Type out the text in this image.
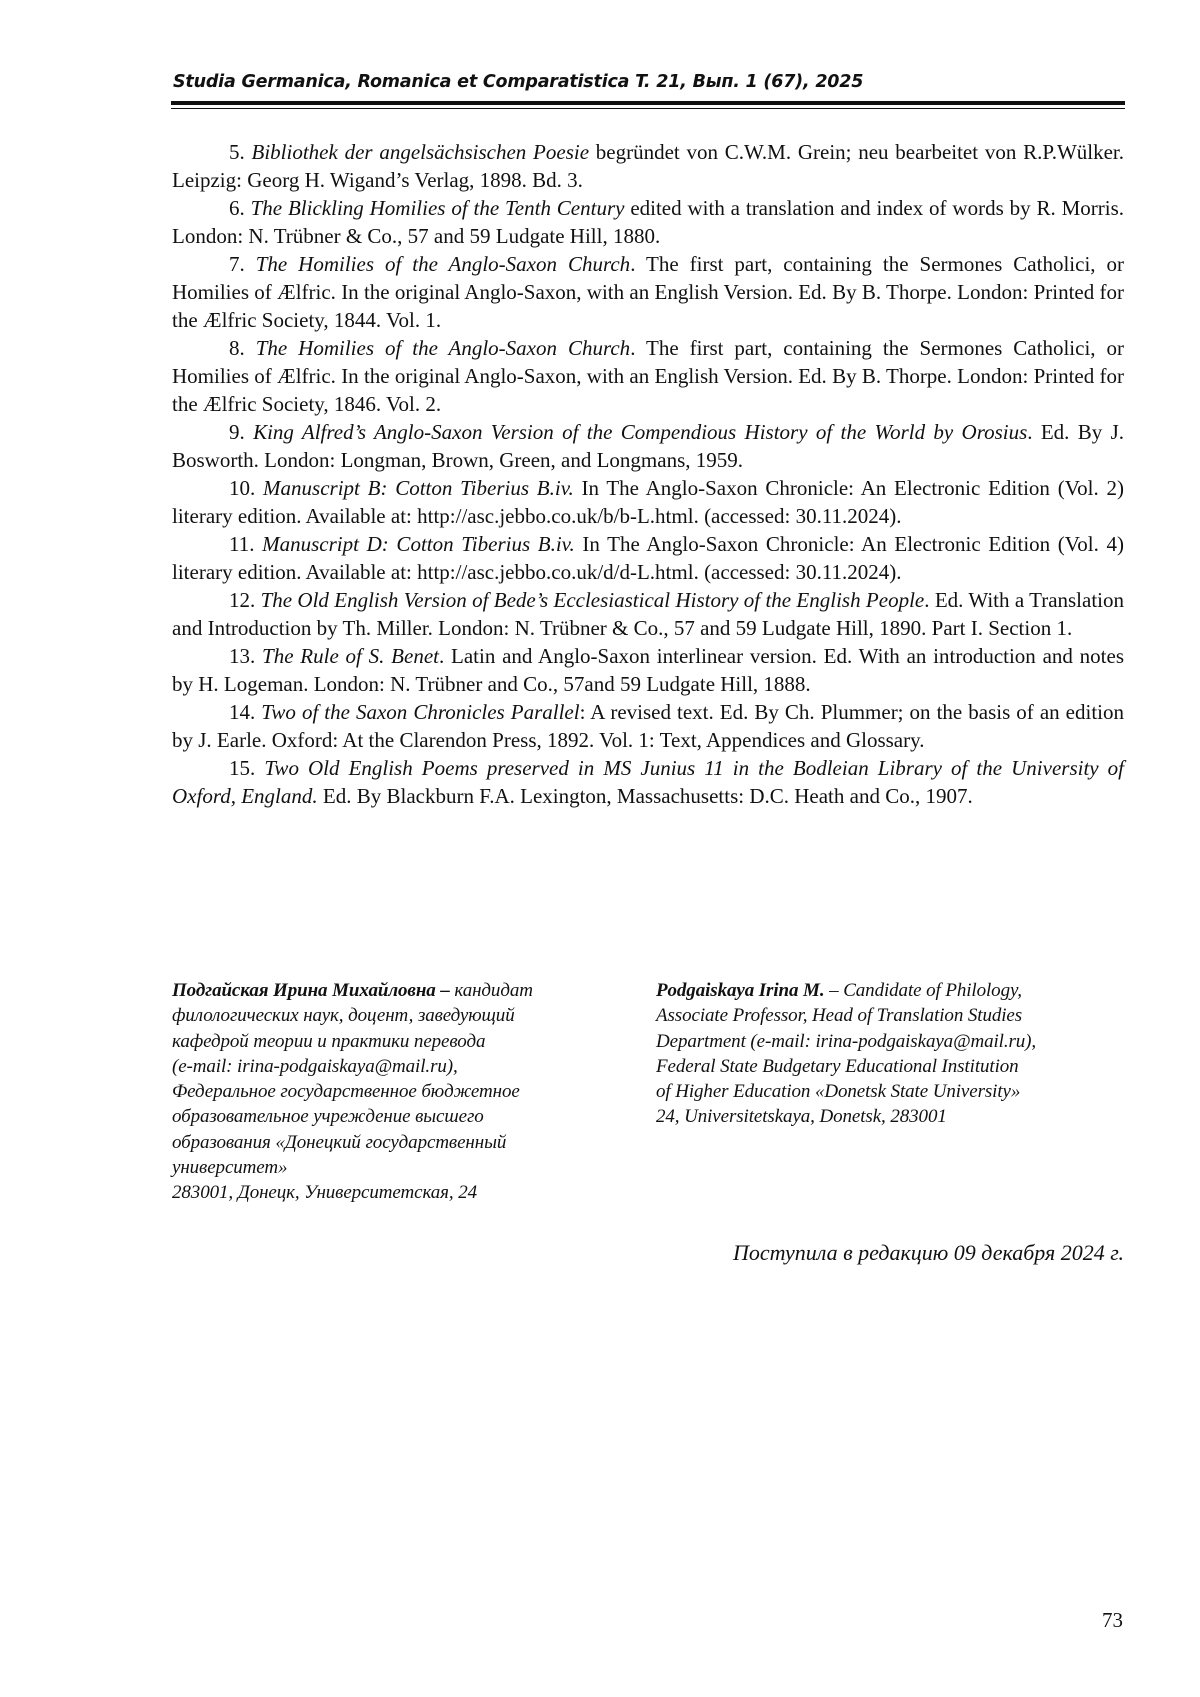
Studia Germanica, Romanica et Comparatistica T. 21, Вып. 1 (67), 2025

5. Bibliothek der angelsächsischen Poesie begründet von C.W.M. Grein; neu bearbeitet von R.P.Wülker. Leipzig: Georg H. Wigand’s Verlag, 1898. Bd. 3.

6. The Blickling Homilies of the Tenth Century edited with a translation and index of words by R. Morris. London: N. Trübner & Co., 57 and 59 Ludgate Hill, 1880.

7. The Homilies of the Anglo-Saxon Church. The first part, containing the Sermones Catholici, or Homilies of Ælfric. In the original Anglo-Saxon, with an English Version. Ed. By B. Thorpe. London: Printed for the Ælfric Society, 1844. Vol. 1.

8. The Homilies of the Anglo-Saxon Church. The first part, containing the Sermones Catholici, or Homilies of Ælfric. In the original Anglo-Saxon, with an English Version. Ed. By B. Thorpe. London: Printed for the Ælfric Society, 1846. Vol. 2.

9. King Alfred’s Anglo-Saxon Version of the Compendious History of the World by Orosius. Ed. By J. Bosworth. London: Longman, Brown, Green, and Longmans, 1959.

10. Manuscript B: Cotton Tiberius B.iv. In The Anglo-Saxon Chronicle: An Electronic Edition (Vol. 2) literary edition. Available at: http://asc.jebbo.co.uk/b/b-L.html. (accessed: 30.11.2024).

11. Manuscript D: Cotton Tiberius B.iv. In The Anglo-Saxon Chronicle: An Electronic Edition (Vol. 4) literary edition. Available at: http://asc.jebbo.co.uk/d/d-L.html. (accessed: 30.11.2024).

12. The Old English Version of Bede’s Ecclesiastical History of the English People. Ed. With a Translation and Introduction by Th. Miller. London: N. Trübner & Co., 57 and 59 Ludgate Hill, 1890. Part I. Section 1.

13. The Rule of S. Benet. Latin and Anglo-Saxon interlinear version. Ed. With an introduction and notes by H. Logeman. London: N. Trübner and Co., 57and 59 Ludgate Hill, 1888.

14. Two of the Saxon Chronicles Parallel: A revised text. Ed. By Ch. Plummer; on the basis of an edition by J. Earle. Oxford: At the Clarendon Press, 1892. Vol. 1: Text, Appendices and Glossary.

15. Two Old English Poems preserved in MS Junius 11 in the Bodleian Library of the University of Oxford, England. Ed. By Blackburn F.A. Lexington, Massachusetts: D.C. Heath and Co., 1907.

Подгайская Ирина Михайловна – кандидат
филологических наук, доцент, заведующий
кафедрой теории и практики перевода
(e-mail: irina-podgaiskaya@mail.ru),
Федеральное государственное бюджетное
образовательное учреждение высшего
образования «Донецкий государственный
университет»
283001, Донецк, Университетская, 24
Podgaiskaya Irina M. – Candidate of Philology,
Associate Professor, Head of Translation Studies
Department (e-mail: irina-podgaiskaya@mail.ru),
Federal State Budgetary Educational Institution
of Higher Education «Donetsk State University»
24, Universitetskaya, Donetsk, 283001
Поступила в редакцию 09 декабря 2024 г.
73
